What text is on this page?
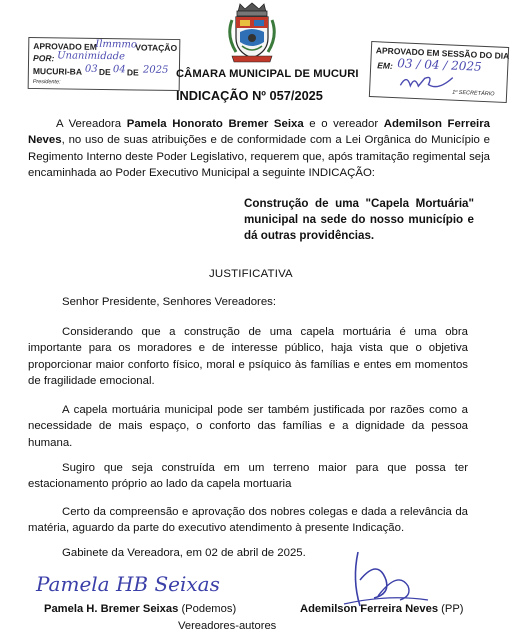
APROVADO EM
Ilmmmo
VOTAÇÃO
POR: Unanimidade
MUCURI-BA 03 DE 04 DE 2025
Presidente:
APROVADO EM SESSÃO DO DIA
EM: 03 / 04 / 2025
1º SECRETÁRIO
CÂMARA MUNICIPAL DE MUCURI
INDICAÇÃO Nº 057/2025
A Vereadora Pamela Honorato Bremer Seixa e o vereador Ademilson Ferreira Neves, no uso de suas atribuições e de conformidade com a Lei Orgânica do Município e Regimento Interno deste Poder Legislativo, requerem que, após tramitação regimental seja encaminhada ao Poder Executivo Municipal a seguinte INDICAÇÃO:
Construção de uma "Capela Mortuária" municipal na sede do nosso município e dá outras providências.
JUSTIFICATIVA
Senhor Presidente, Senhores Vereadores:
Considerando que a construção de uma capela mortuária é uma obra importante para os moradores e de interesse público, haja vista que o objetiva proporcionar maior conforto físico, moral e psíquico às famílias e entes em momentos de fragilidade emocional.
A capela mortuária municipal pode ser também justificada por razões como a necessidade de mais espaço, o conforto das famílias e a dignidade da pessoa humana.
Sugiro que seja construída em um terreno maior para que possa ter estacionamento próprio ao lado da capela mortuaria
Certo da compreensão e aprovação dos nobres colegas e dada a relevância da matéria, aguardo da parte do executivo atendimento à presente Indicação.
Gabinete da Vereadora, em 02 de abril de 2025.
Pamela HB Seixas
Pamela H. Bremer Seixas (Podemos)	Ademilson Ferreira Neves (PP)
Vereadores-autores
